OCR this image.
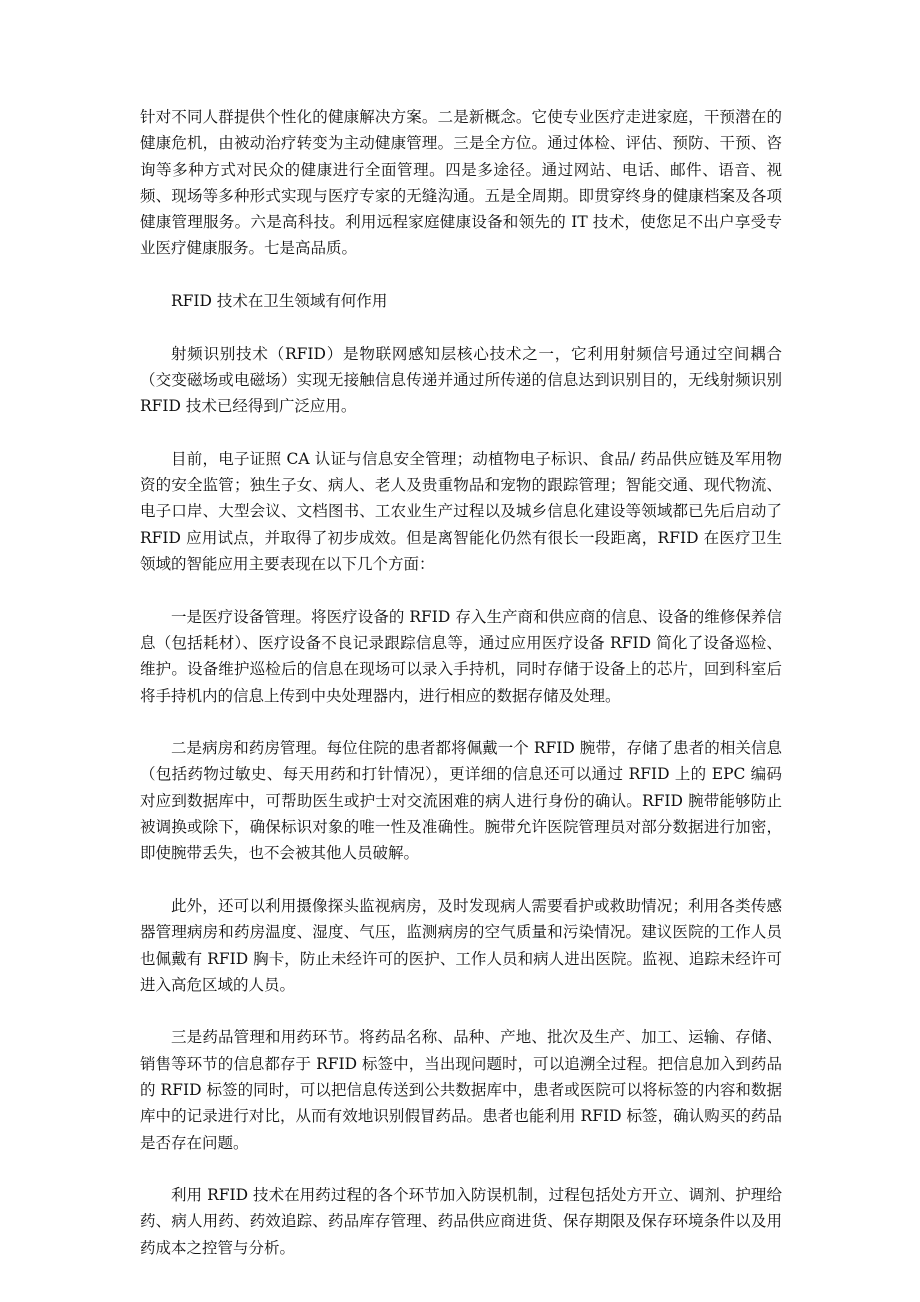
针对不同人群提供个性化的健康解决方案。二是新概念。它使专业医疗走进家庭，干预潜在的健康危机，由被动治疗转变为主动健康管理。三是全方位。通过体检、评估、预防、干预、咨询等多种方式对民众的健康进行全面管理。四是多途径。通过网站、电话、邮件、语音、视频、现场等多种形式实现与医疗专家的无缝沟通。五是全周期。即贯穿终身的健康档案及各项健康管理服务。六是高科技。利用远程家庭健康设备和领先的 IT 技术，使您足不出户享受专业医疗健康服务。七是高品质。

RFID 技术在卫生领域有何作用

射频识别技术（RFID）是物联网感知层核心技术之一，它利用射频信号通过空间耦合（交变磁场或电磁场）实现无接触信息传递并通过所传递的信息达到识别目的，无线射频识别 RFID 技术已经得到广泛应用。

目前，电子证照 CA 认证与信息安全管理；动植物电子标识、食品/ 药品供应链及军用物资的安全监管；独生子女、病人、老人及贵重物品和宠物的跟踪管理；智能交通、现代物流、电子口岸、大型会议、文档图书、工农业生产过程以及城乡信息化建设等领域都已先后启动了 RFID 应用试点，并取得了初步成效。但是离智能化仍然有很长一段距离，RFID 在医疗卫生领域的智能应用主要表现在以下几个方面：

一是医疗设备管理。将医疗设备的 RFID 存入生产商和供应商的信息、设备的维修保养信息（包括耗材）、医疗设备不良记录跟踪信息等，通过应用医疗设备 RFID 简化了设备巡检、维护。设备维护巡检后的信息在现场可以录入手持机，同时存储于设备上的芯片，回到科室后将手持机内的信息上传到中央处理器内，进行相应的数据存储及处理。

二是病房和药房管理。每位住院的患者都将佩戴一个 RFID 腕带，存储了患者的相关信息（包括药物过敏史、每天用药和打针情况），更详细的信息还可以通过 RFID 上的 EPC 编码对应到数据库中，可帮助医生或护士对交流困难的病人进行身份的确认。RFID 腕带能够防止被调换或除下，确保标识对象的唯一性及准确性。腕带允许医院管理员对部分数据进行加密，即使腕带丢失，也不会被其他人员破解。

此外，还可以利用摄像探头监视病房，及时发现病人需要看护或救助情况；利用各类传感器管理病房和药房温度、湿度、气压，监测病房的空气质量和污染情况。建议医院的工作人员也佩戴有 RFID 胸卡，防止未经许可的医护、工作人员和病人进出医院。监视、追踪未经许可进入高危区域的人员。

三是药品管理和用药环节。将药品名称、品种、产地、批次及生产、加工、运输、存储、销售等环节的信息都存于 RFID 标签中，当出现问题时，可以追溯全过程。把信息加入到药品的 RFID 标签的同时，可以把信息传送到公共数据库中，患者或医院可以将标签的内容和数据库中的记录进行对比，从而有效地识别假冒药品。患者也能利用 RFID 标签，确认购买的药品是否存在问题。

利用 RFID 技术在用药过程的各个环节加入防误机制，过程包括处方开立、调剂、护理给药、病人用药、药效追踪、药品库存管理、药品供应商进货、保存期限及保存环境条件以及用药成本之控管与分析。
